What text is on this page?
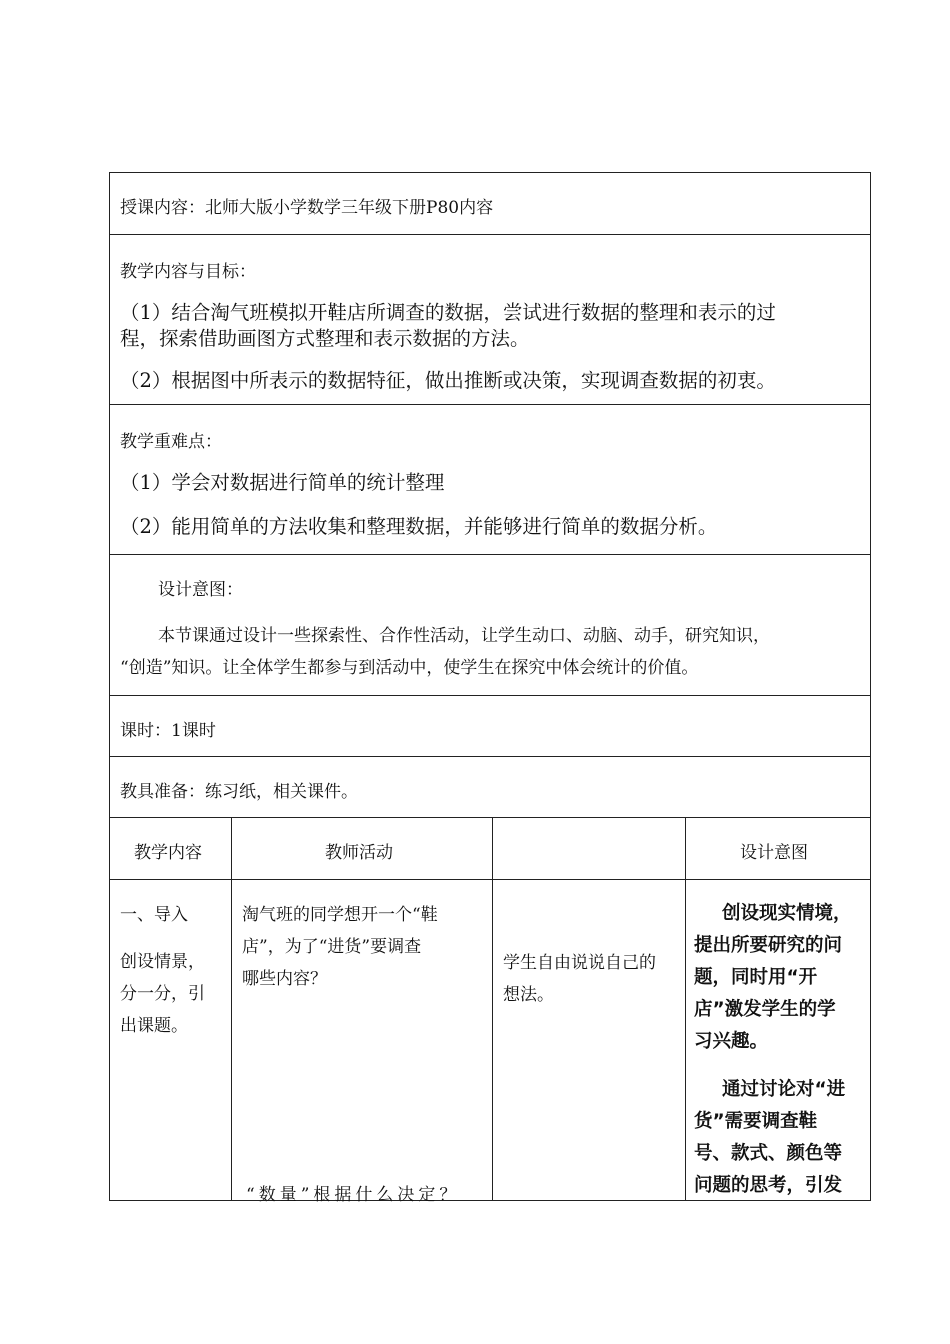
授课内容：北师大版小学数学三年级下册P80内容
教学内容与目标：
（1）结合淘气班模拟开鞋店所调查的数据，尝试进行数据的整理和表示的过
程，探索借助画图方式整理和表示数据的方法。
（2）根据图中所表示的数据特征，做出推断或决策，实现调查数据的初衷。
教学重难点：
（1）学会对数据进行简单的统计整理
（2）能用简单的方法收集和整理数据，并能够进行简单的数据分析。
设计意图：
本节课通过设计一些探索性、合作性活动，让学生动口、动脑、动手，研究知识，
“创造”知识。让全体学生都参与到活动中，使学生在探究中体会统计的价值。
课时：1课时
教具准备：练习纸，相关课件。
教学内容	教师活动	设计意图
一、导入
创设情景，
分一分，引
出课题。
淘气班的同学想开一个“鞋
店”，为了“进货”要调查
哪些内容？
“数量”根据什么决定？
学生自由说说自己的
想法。
创设现实情境，
提出所要研究的问
题，同时用“开
店”激发学生的学
习兴趣。
通过讨论对“进
货”需要调查鞋
号、款式、颜色等
问题的思考，引发
